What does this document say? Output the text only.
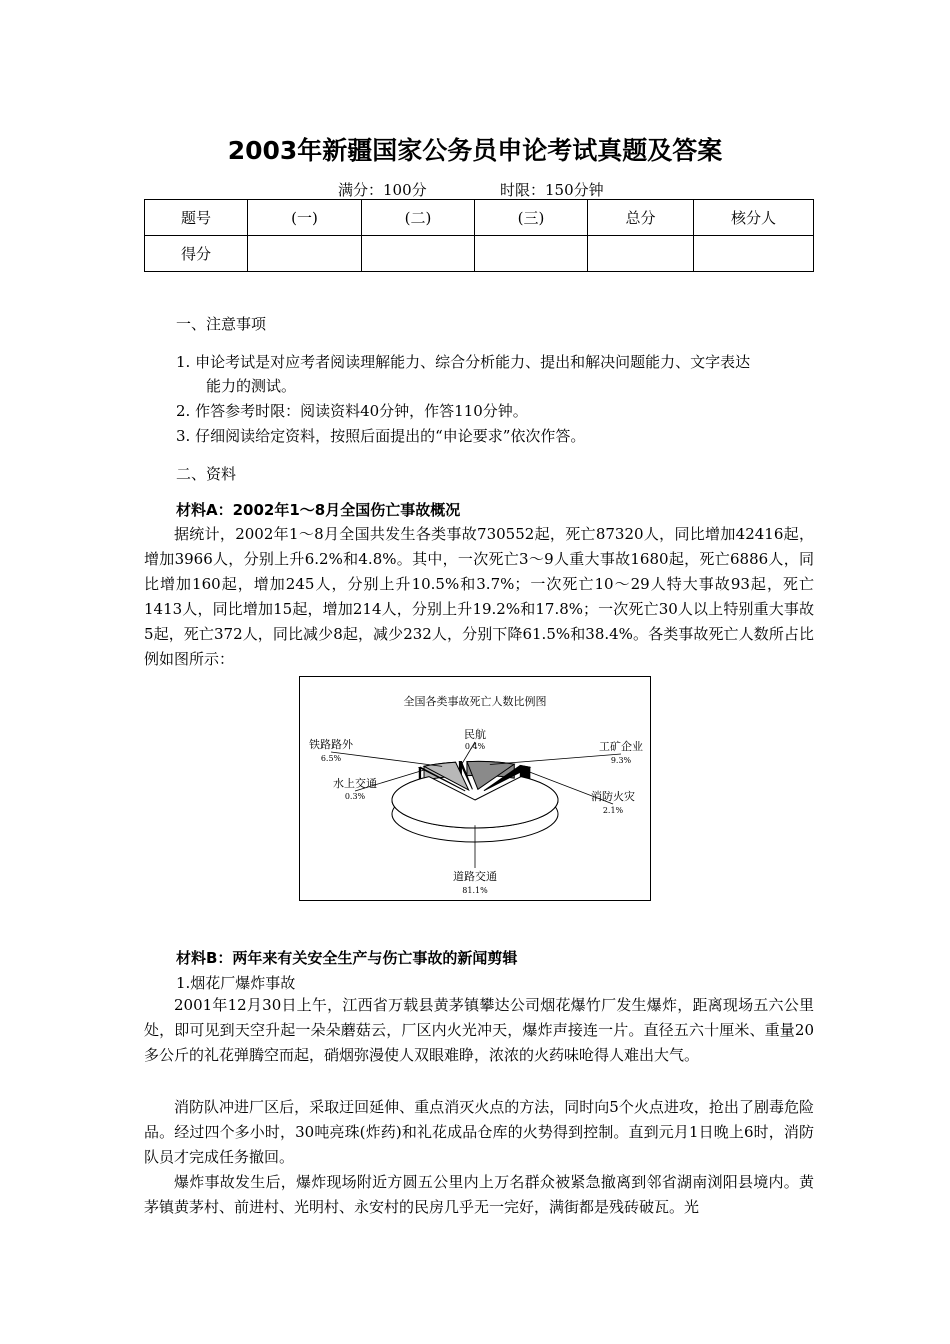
2003年新疆国家公务员申论考试真题及答案
满分：100分	时限：150分钟
题号	(一)	(二)	(三)	总分	核分人
得分					
一、注意事项
1. 申论考试是对应考者阅读理解能力、综合分析能力、提出和解决问题能力、文字表达
能力的测试。
2. 作答参考时限：阅读资料40分钟，作答110分钟。
3. 仔细阅读给定资料，按照后面提出的“申论要求”依次作答。
二、资料
材料A：2002年1～8月全国伤亡事故概况

据统计，2002年1～8月全国共发生各类事故730552起，死亡87320人，同比增加42416起，增加3966人，分别上升6.2%和4.8%。其中，一次死亡3～9人重大事故1680起，死亡6886人，同比增加160起，增加245人，分别上升10.5%和3.7%；一次死亡10～29人特大事故93起，死亡1413人，同比增加15起，增加214人，分别上升19.2%和17.8%；一次死亡30人以上特别重大事故5起，死亡372人，同比减少8起，减少232人，分别下降61.5%和38.4%。各类事故死亡人数所占比例如图所示：

全国各类事故死亡人数比例图
道路交通
81.1%
水上交通
0.3%
铁路路外
6.5%
民航
0.4%	工矿企业
9.3%
消防火灾
2.1%
材料B：两年来有关安全生产与伤亡事故的新闻剪辑
1.烟花厂爆炸事故

2001年12月30日上午，江西省万载县黄茅镇攀达公司烟花爆竹厂发生爆炸，距离现场五六公里处，即可见到天空升起一朵朵蘑菇云，厂区内火光冲天，爆炸声接连一片。直径五六十厘米、重量20多公斤的礼花弹腾空而起，硝烟弥漫使人双眼难睁，浓浓的火药味呛得人难出大气。

消防队冲进厂区后，采取迂回延伸、重点消灭火点的方法，同时向5个火点进攻，抢出了剧毒危险品。经过四个多小时，30吨亮珠(炸药)和礼花成品仓库的火势得到控制。直到元月1日晚上6时，消防队员才完成任务撤回。

爆炸事故发生后，爆炸现场附近方圆五公里内上万名群众被紧急撤离到邻省湖南浏阳县境内。黄茅镇黄茅村、前进村、光明村、永安村的民房几乎无一完好，满街都是残砖破瓦。光
